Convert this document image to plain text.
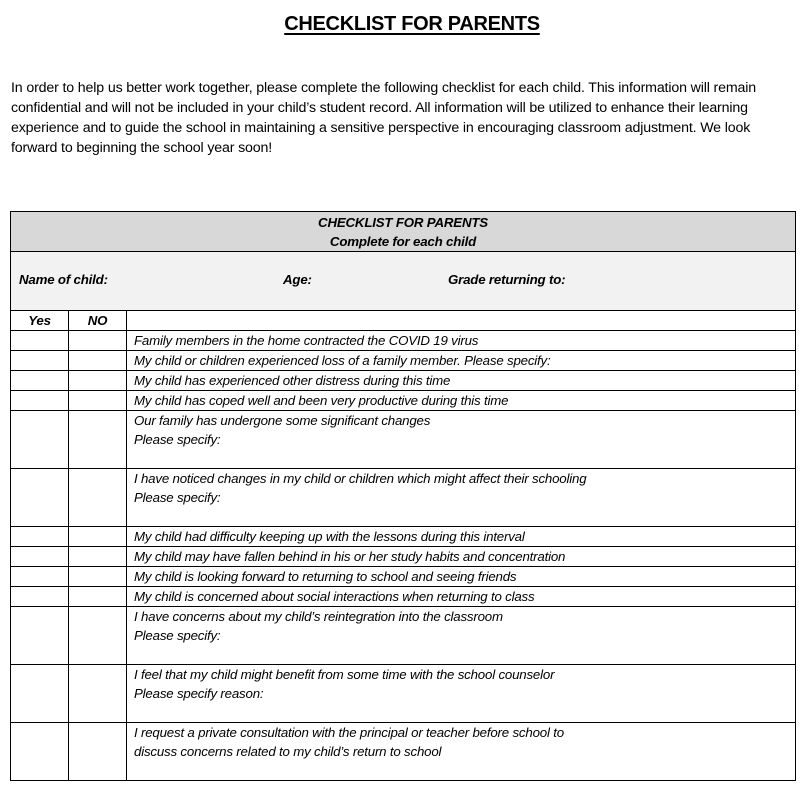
CHECKLIST FOR PARENTS
In order to help us better work together, please complete the following checklist for each child. This information will remain
confidential and will not be included in your child’s student record. All information will be utilized to enhance their learning
experience and to guide the school in maintaining a sensitive perspective in encouraging classroom adjustment. We look
forward to beginning the school year soon!
CHECKLIST FOR PARENTS
Complete for each child		

Name of child: Age: Grade returning to:		

Yes	NO	

		Family members in the home contracted the COVID 19 virus

		My child or children experienced loss of a family member. Please specify:

		My child has experienced other distress during this time

		My child has coped well and been very productive during this time

		Our family has undergone some significant changes
Please specify:

		I have noticed changes in my child or children which might affect their schooling
Please specify:

		My child had difficulty keeping up with the lessons during this interval

		My child may have fallen behind in his or her study habits and concentration

		My child is looking forward to returning to school and seeing friends

		My child is concerned about social interactions when returning to class

		I have concerns about my child’s reintegration into the classroom
Please specify:

		I feel that my child might benefit from some time with the school counselor
Please specify reason:

		I request a private consultation with the principal or teacher before school to
discuss concerns related to my child’s return to school
